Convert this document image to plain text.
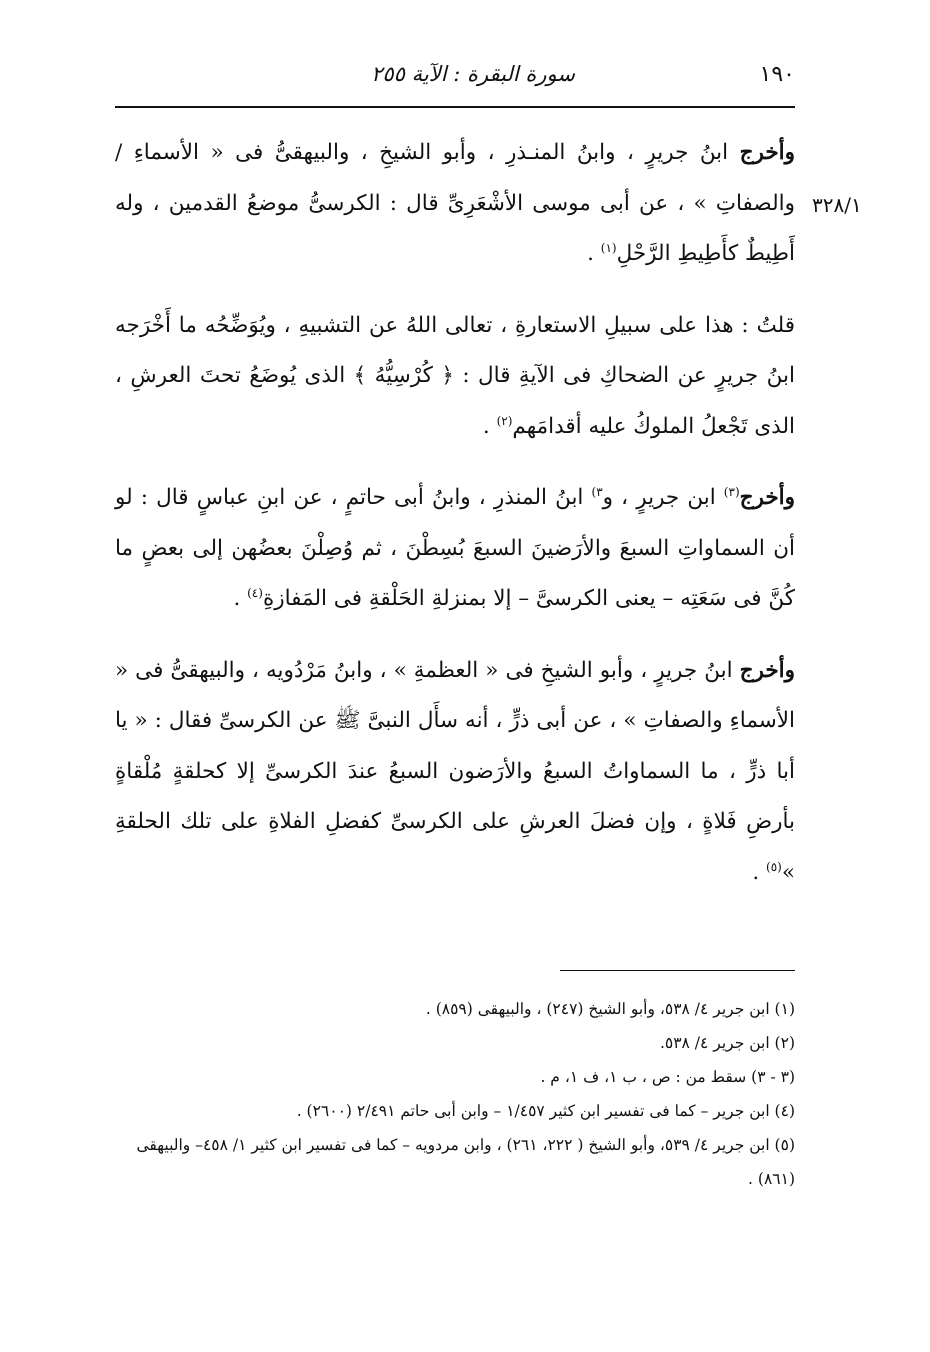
١٩٠
سورة البقرة : الآية ٢٥٥
٣٢٨/١

وأخرج ابنُ جريرٍ ، وابنُ المنـذرِ ، وأبو الشيخِ ، والبيهقىُّ فى « الأسماءِ /والصفاتِ » ، عن أبى موسى الأشْعَرِىِّ قال : الكرسىُّ موضعُ القدمين ، وله أَطِيطٌ كأَطِيطِ الرَّحْلِ$^{(١)}$ .

قلتُ : هذا على سبيلِ الاستعارةِ ، تعالى اللهُ عن التشبيهِ ، ويُوَضِّحُه ما أَخْرَجه ابنُ جريرٍ عن الضحاكِ فى الآيةِ قال : ﴿ كُرْسِيُّهُ ﴾ الذى يُوضَعُ تحتَ العرشِ ، الذى تَجْعلُ الملوكُ عليه أقدامَهم$^{(٢)}$ .

وأخرج$^{(٣)}$ ابن جريرٍ ، و$^{٣)}$ ابنُ المنذرِ ، وابنُ أبى حاتمٍ ، عن ابنِ عباسٍ قال : لو أن السماواتِ السبعَ والأرَضينَ السبعَ بُسِطْنَ ، ثم وُصِلْنَ بعضُهن إلى بعضٍ ما كُنَّ فى سَعَتِه – يعنى الكرسىَّ – إلا بمنزلةِ الحَلْقةِ فى المَفازةِ$^{(٤)}$ .

وأخرج ابنُ جريرٍ ، وأبو الشيخِ فى « العظمةِ » ، وابنُ مَرْدُويه ، والبيهقىُّ فى « الأسماءِ والصفاتِ » ، عن أبى ذرٍّ ، أنه سأَل النبىَّ ﷺ عن الكرسىِّ فقال : « يا أبا ذرٍّ ، ما السماواتُ السبعُ والأرَضون السبعُ عندَ الكرسىِّ إلا كحلقةٍ مُلْقاةٍ بأرضِ فَلاةٍ ، وإن فضلَ العرشِ على الكرسىِّ كفضلِ الفلاةِ على تلك الحلقةِ »$^{(٥)}$ .

(١) ابن جرير ٤/ ٥٣٨، وأبو الشيخ (٢٤٧) ، والبيهقى (٨٥٩) .

(٢) ابن جرير ٤/ ٥٣٨.

(٣ - ٣) سقط من : ص ، ب ١، ف ١، م .

(٤) ابن جرير – كما فى تفسير ابن كثير ١/٤٥٧ – وابن أبى حاتم ٢/٤٩١ (٢٦٠٠) .

(٥) ابن جرير ٤/ ٥٣٩، وأبو الشيخ ( ٢٢٢، ٢٦١) ، وابن مردويه – كما فى تفسير ابن كثير ١/ ٤٥٨– والبيهقى (٨٦١) .
